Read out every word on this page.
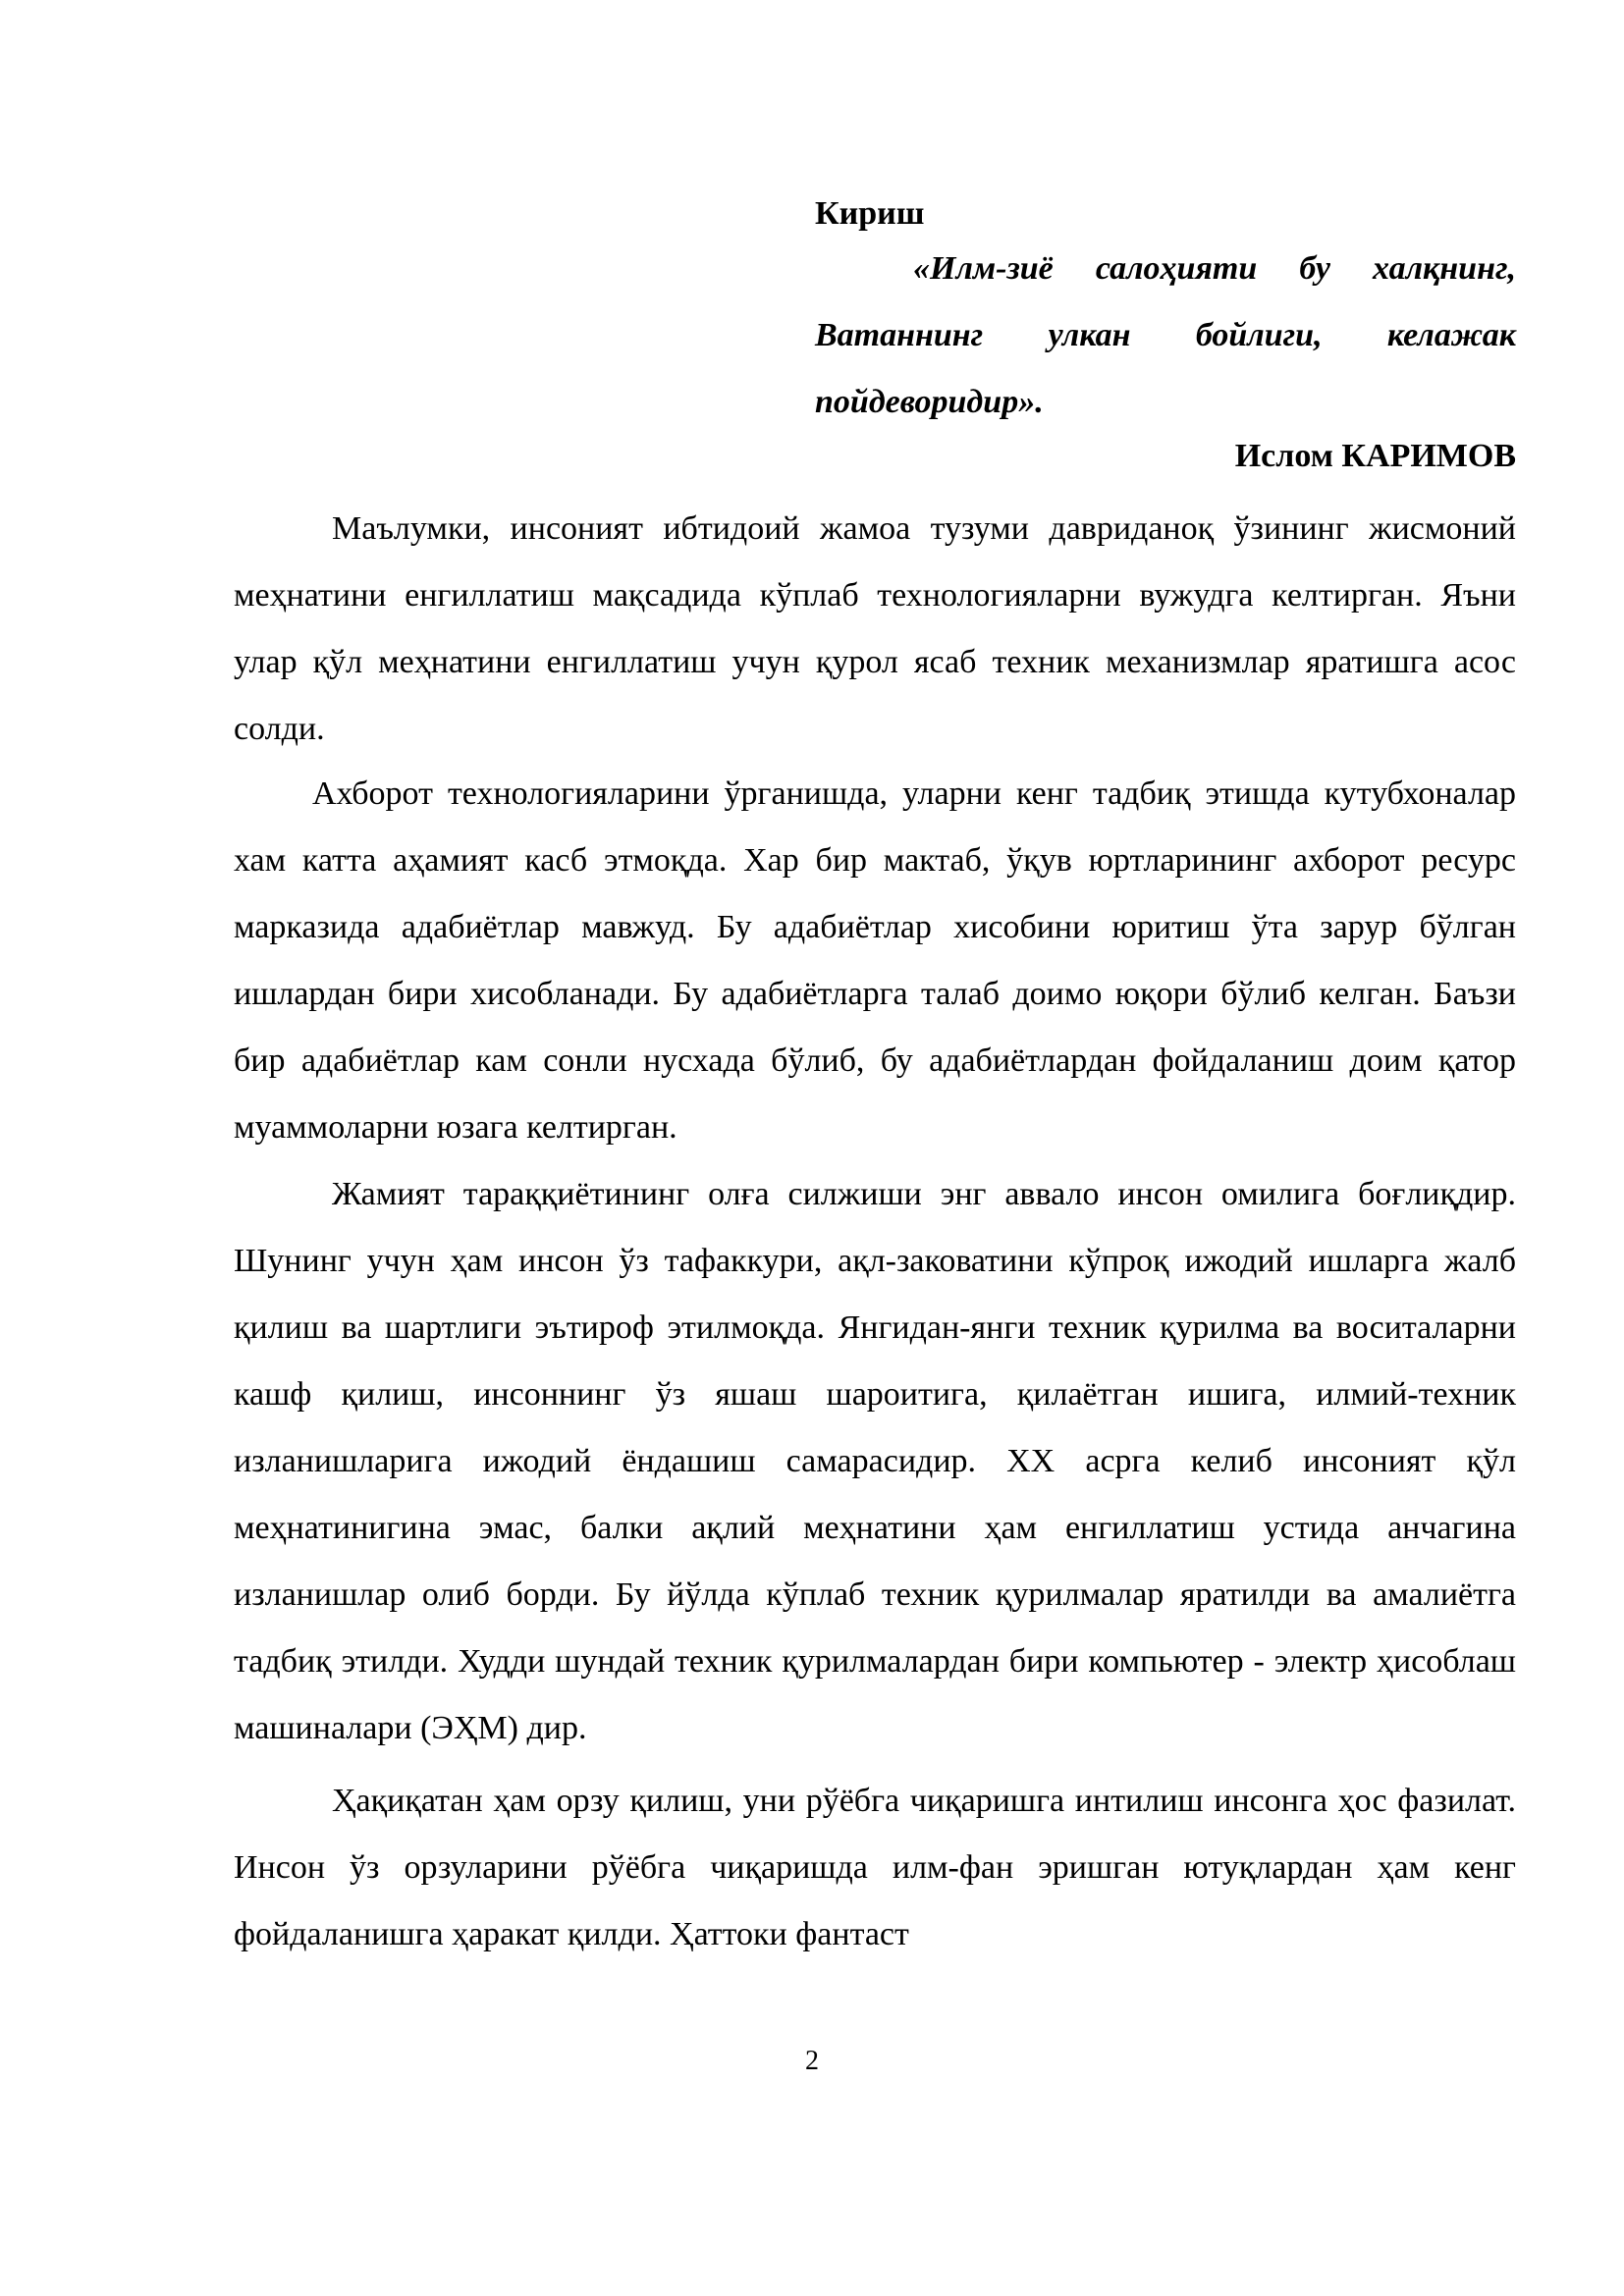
Кириш

«Илм-зиё салоҳияти бу халқнинг, Ватаннинг улкан бойлиги, келажак пойдеворидир».

Ислом КАРИМОВ

Маълумки, инсоният ибтидоий жамоа тузуми давриданоқ ўзининг жисмоний меҳнатини енгиллатиш мақсадида кўплаб технологияларни вужудга келтирган. Яъни улар қўл меҳнатини енгиллатиш учун қурол ясаб техник механизмлар яратишга асос солди.

Ахборот технологияларини ўрганишда, уларни кенг тадбиқ этишда кутубхоналар хам катта аҳамият касб этмоқда. Хар бир мактаб, ўқув юртларининг ахборот ресурс марказида адабиётлар мавжуд. Бу адабиётлар хисобини юритиш ўта зарур бўлган ишлардан бири хисобланади. Бу адабиётларга талаб доимо юқори бўлиб келган. Баъзи бир адабиётлар кам сонли нусхада бўлиб, бу адабиётлардан фойдаланиш доим қатор муаммоларни юзага келтирган.

Жамият тараққиётининг олға силжиши энг аввало инсон омилига боғлиқдир. Шунинг учун ҳам инсон ўз тафаккури, ақл-заковатини кўпроқ ижодий ишларга жалб қилиш ва шартлиги эътироф этилмоқда. Янгидан-янги техник қурилма ва воситаларни кашф қилиш, инсоннинг ўз яшаш шароитига, қилаётган ишига, илмий-техник изланишларига ижодий ёндашиш самарасидир. XX асрга келиб инсоният қўл меҳнатинигина эмас, балки ақлий меҳнатини ҳам енгиллатиш устида анчагина изланишлар олиб борди. Бу йўлда кўплаб техник қурилмалар яратилди ва амалиётга тадбиқ этилди. Худди шундай техник қурилмалардан бири компьютер - электр ҳисоблаш машиналари (ЭҲМ) дир.

Ҳақиқатан ҳам орзу қилиш, уни рўёбга чиқаришга интилиш инсонга ҳос фазилат. Инсон ўз орзуларини рўёбга чиқаришда илм-фан эришган ютуқлардан ҳам кенг фойдаланишга ҳаракат қилди. Ҳаттоки фантаст

2
